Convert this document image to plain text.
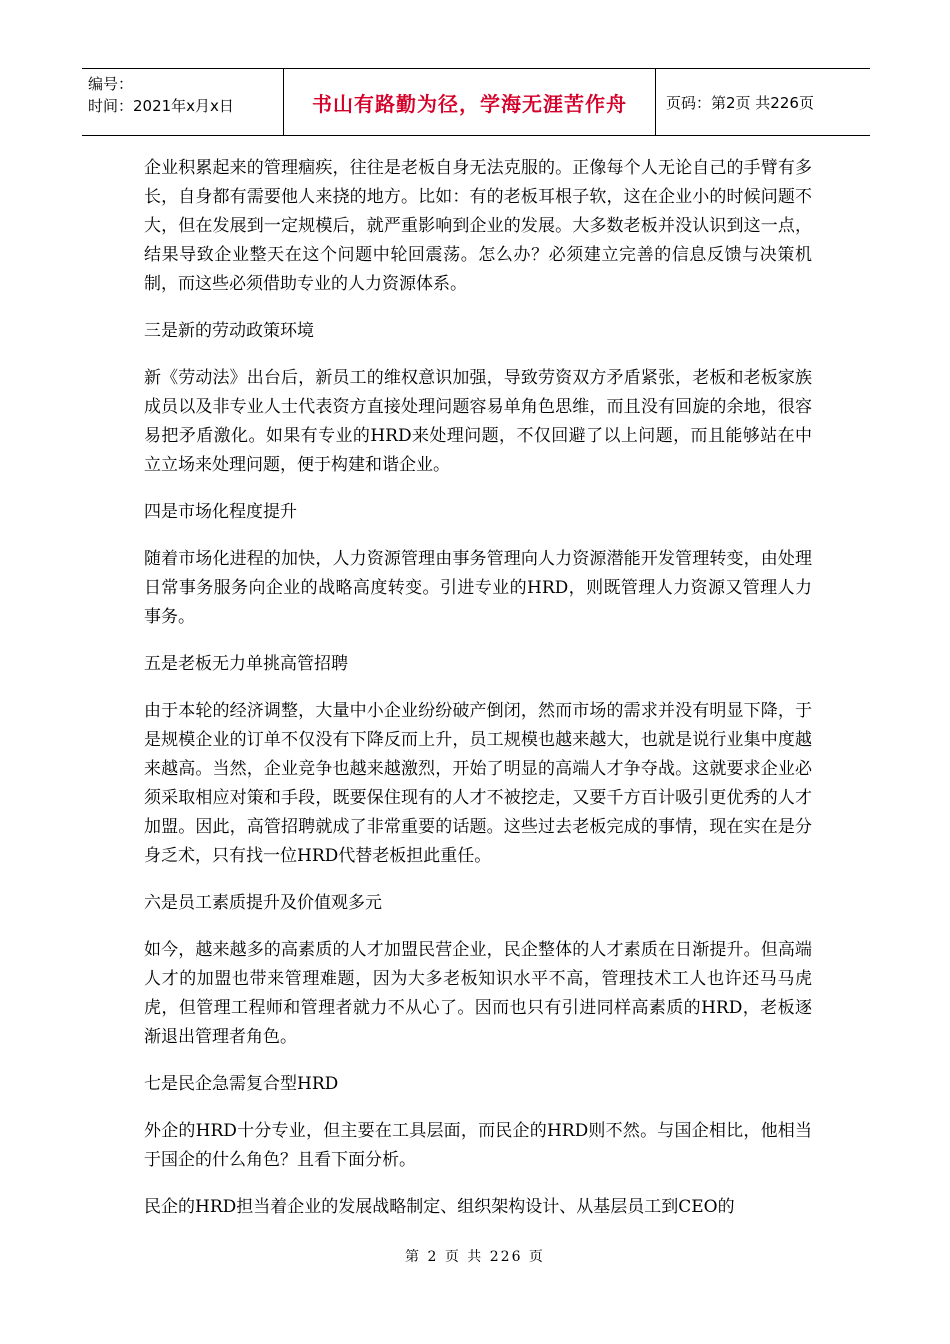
编号：
时间：2021年x月x日	书山有路勤为径，学海无涯苦作舟	页码：第2页 共226页

企业积累起来的管理痼疾，往往是老板自身无法克服的。正像每个人无论自己的手臂有多长，自身都有需要他人来挠的地方。比如：有的老板耳根子软，这在企业小的时候问题不大，但在发展到一定规模后，就严重影响到企业的发展。大多数老板并没认识到这一点，结果导致企业整天在这个问题中轮回震荡。怎么办？必须建立完善的信息反馈与决策机制，而这些必须借助专业的人力资源体系。

三是新的劳动政策环境

新《劳动法》出台后，新员工的维权意识加强，导致劳资双方矛盾紧张，老板和老板家族成员以及非专业人士代表资方直接处理问题容易单角色思维，而且没有回旋的余地，很容易把矛盾激化。如果有专业的HRD来处理问题，不仅回避了以上问题，而且能够站在中立立场来处理问题，便于构建和谐企业。

四是市场化程度提升

随着市场化进程的加快，人力资源管理由事务管理向人力资源潜能开发管理转变，由处理日常事务服务向企业的战略高度转变。引进专业的HRD，则既管理人力资源又管理人力事务。

五是老板无力单挑高管招聘

由于本轮的经济调整，大量中小企业纷纷破产倒闭，然而市场的需求并没有明显下降，于是规模企业的订单不仅没有下降反而上升，员工规模也越来越大，也就是说行业集中度越来越高。当然，企业竞争也越来越激烈，开始了明显的高端人才争夺战。这就要求企业必须采取相应对策和手段，既要保住现有的人才不被挖走，又要千方百计吸引更优秀的人才加盟。因此，高管招聘就成了非常重要的话题。这些过去老板完成的事情，现在实在是分身乏术，只有找一位HRD代替老板担此重任。

六是员工素质提升及价值观多元

如今，越来越多的高素质的人才加盟民营企业，民企整体的人才素质在日渐提升。但高端人才的加盟也带来管理难题，因为大多老板知识水平不高，管理技术工人也许还马马虎虎，但管理工程师和管理者就力不从心了。因而也只有引进同样高素质的HRD，老板逐渐退出管理者角色。

七是民企急需复合型HRD

外企的HRD十分专业，但主要在工具层面，而民企的HRD则不然。与国企相比，他相当于国企的什么角色？且看下面分析。

民企的HRD担当着企业的发展战略制定、组织架构设计、从基层员工到CEO的

第 2 页 共 226 页
